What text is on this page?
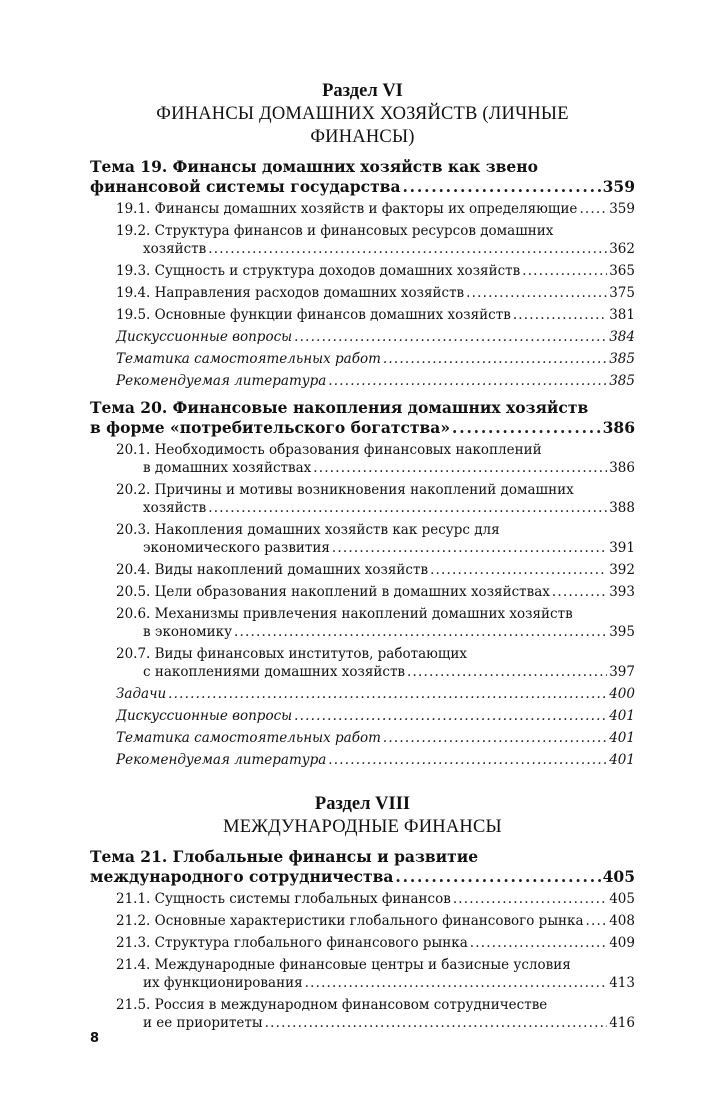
Раздел VI
ФИНАНСЫ ДОМАШНИХ ХОЗЯЙСТВ (ЛИЧНЫЕ
ФИНАНСЫ)
Тема 19. Финансы домашних хозяйств как звено
финансовой системы государства .....	359
19.1. Финансы домашних хозяйств и факторы их определяющие ..... 359
19.2. Структура финансов и финансовых ресурсов домашних
хозяйств .....	362
19.3. Сущность и структура доходов домашних хозяйств .....	365
19.4. Направления расходов домашних хозяйств .....	375
19.5. Основные функции финансов домашних хозяйств .....	381
Дискуссионные вопросы .....	384
Тематика самостоятельных работ .....	385
Рекомендуемая литература .....	385
Тема 20. Финансовые накопления домашних хозяйств
в форме «потребительского богатства» .....	386
20.1. Необходимость образования финансовых накоплений
в домашних хозяйствах .....	386
20.2. Причины и мотивы возникновения накоплений домашних
хозяйств .....	388
20.3. Накопления домашних хозяйств как ресурс для
экономического развития .....	391
20.4. Виды накоплений домашних хозяйств .....	392
20.5. Цели образования накоплений в домашних хозяйствах .....	393
20.6. Механизмы привлечения накоплений домашних хозяйств
в экономику .....	395
20.7. Виды финансовых институтов, работающих
с накоплениями домашних хозяйств .....	397
Задачи .....	400
Дискуссионные вопросы .....	401
Тематика самостоятельных работ .....	401
Рекомендуемая литература .....	401
Раздел VIII
МЕЖДУНАРОДНЫЕ ФИНАНСЫ
Тема 21. Глобальные финансы и развитие
международного сотрудничества .....	405
21.1. Сущность системы глобальных финансов .....	405
21.2. Основные характеристики глобального финансового рынка ..... 408
21.3. Структура глобального финансового рынка .....	409
21.4. Международные финансовые центры и базисные условия
их функционирования .....	413
21.5. Россия в международном финансовом сотрудничестве
и ее приоритеты .....	416
8
